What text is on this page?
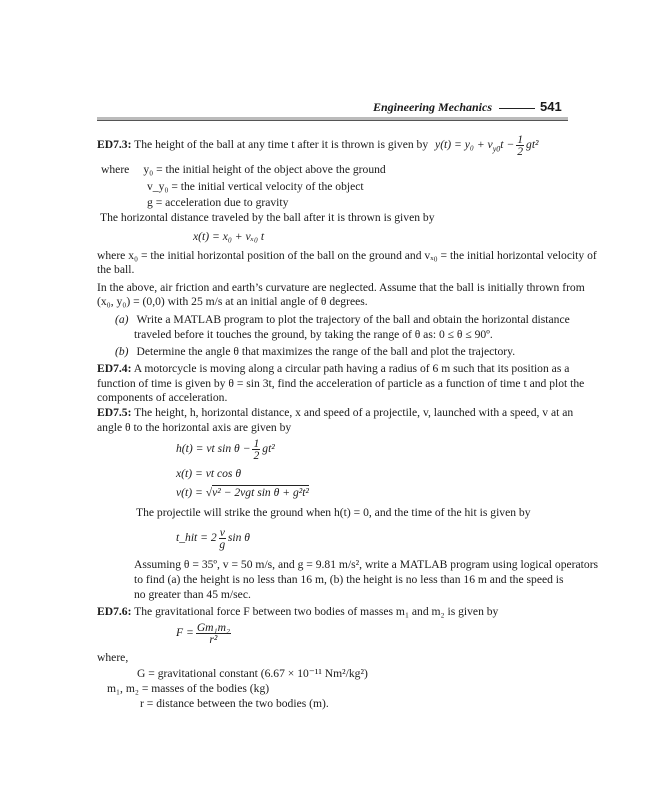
Engineering Mechanics	541
ED7.3: The height of the ball at any time t after it is thrown is given by $y(t) = y_0 + v_{y0}t - \frac{1}{2} gt^2$
where y₀ = the initial height of the object above the ground
v_y₀ = the initial vertical velocity of the object
g = acceleration due to gravity
The horizontal distance traveled by the ball after it is thrown is given by
x(t) = x₀ + vₓ₀ t
where x₀ = the initial horizontal position of the ball on the ground and vₓ₀ = the initial horizontal velocity of
the ball.
In the above, air friction and earth’s curvature are neglected. Assume that the ball is initially thrown from
(x₀, y₀) = (0,0) with 25 m/s at an initial angle of θ degrees.
(a) Write a MATLAB program to plot the trajectory of the ball and obtain the horizontal distance
traveled before it touches the ground, by taking the range of θ as: 0 ≤ θ ≤ 90º.
(b) Determine the angle θ that maximizes the range of the ball and plot the trajectory.
ED7.4: A motorcycle is moving along a circular path having a radius of 6 m such that its position as a
function of time is given by θ = sin 3t, find the acceleration of particle as a function of time t and plot the
components of acceleration.
ED7.5: The height, h, horizontal distance, x and speed of a projectile, v, launched with a speed, v at an
angle θ to the horizontal axis are given by
h(t) = vt $\sin \theta - \frac{1}{2} gt^2$
x(t) = vt cos θ
v(t) = √v² − 2vgt sin θ + g²t²
The projectile will strike the ground when h(t) = 0, and the time of the hit is given by
t_hit = $2 \frac{v}{g}$ sin θ
Assuming θ = 35º, v = 50 m/s, and g = 9.81 m/s², write a MATLAB program using logical operators
to find (a) the height is no less than 16 m, (b) the height is no less than 16 m and the speed is
no greater than 45 m/sec.
ED7.6: The gravitational force F between two bodies of masses m₁ and m₂ is given by
$F = \frac{\text{Gm₁m₂}}{\text{r²}}$
where,
G = gravitational constant (6.67 × 10⁻¹¹ Nm²/kg²)
m₁, m₂ = masses of the bodies (kg)
r = distance between the two bodies (m).
